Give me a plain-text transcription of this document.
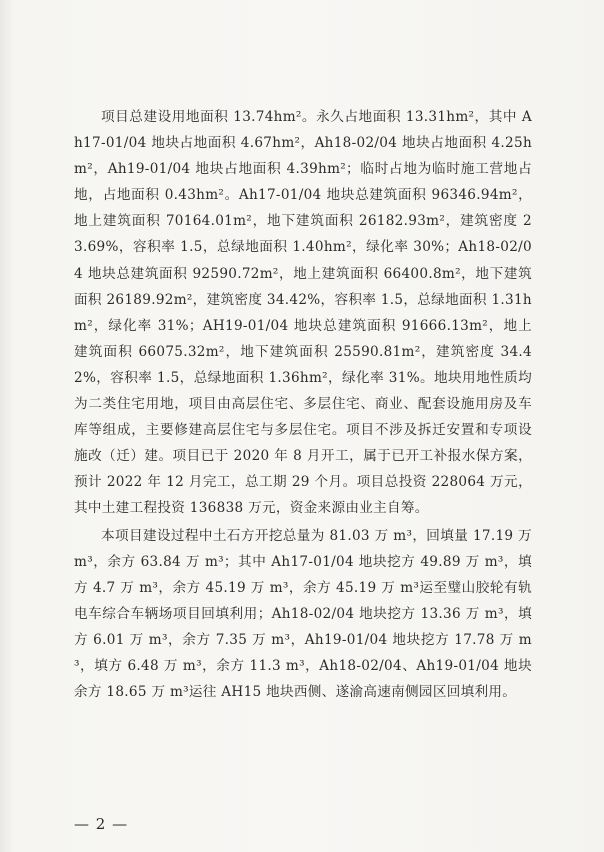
项目总建设用地面积 13.74hm²。永久占地面积 13.31hm²，其中 Ah17-01/04 地块占地面积 4.67hm²，Ah18-02/04 地块占地面积 4.25hm²，Ah19-01/04 地块占地面积 4.39hm²；临时占地为临时施工营地占地，占地面积 0.43hm²。Ah17-01/04 地块总建筑面积 96346.94m²，地上建筑面积 70164.01m²，地下建筑面积 26182.93m²，建筑密度 23.69%，容积率 1.5，总绿地面积 1.40hm²，绿化率 30%；Ah18-02/04 地块总建筑面积 92590.72m²，地上建筑面积 66400.8m²，地下建筑面积 26189.92m²，建筑密度 34.42%，容积率 1.5，总绿地面积 1.31hm²，绿化率 31%；AH19-01/04 地块总建筑面积 91666.13m²，地上建筑面积 66075.32m²，地下建筑面积 25590.81m²，建筑密度 34.42%，容积率 1.5，总绿地面积 1.36hm²，绿化率 31%。地块用地性质均为二类住宅用地，项目由高层住宅、多层住宅、商业、配套设施用房及车库等组成，主要修建高层住宅与多层住宅。项目不涉及拆迁安置和专项设施改（迁）建。项目已于 2020 年 8 月开工，属于已开工补报水保方案，预计 2022 年 12 月完工，总工期 29 个月。项目总投资 228064 万元，其中土建工程投资 136838 万元，资金来源由业主自筹。

本项目建设过程中土石方开挖总量为 81.03 万 m³，回填量 17.19 万 m³，余方 63.84 万 m³；其中 Ah17-01/04 地块挖方 49.89 万 m³，填方 4.7 万 m³，余方 45.19 万 m³，余方 45.19 万 m³运至璧山胶轮有轨电车综合车辆场项目回填利用；Ah18-02/04 地块挖方 13.36 万 m³，填方 6.01 万 m³，余方 7.35 万 m³，Ah19-01/04 地块挖方 17.78 万 m³，填方 6.48 万 m³，余方 11.3 m³，Ah18-02/04、Ah19-01/04 地块余方 18.65 万 m³运往 AH15 地块西侧、遂渝高速南侧园区回填利用。

— 2 —
